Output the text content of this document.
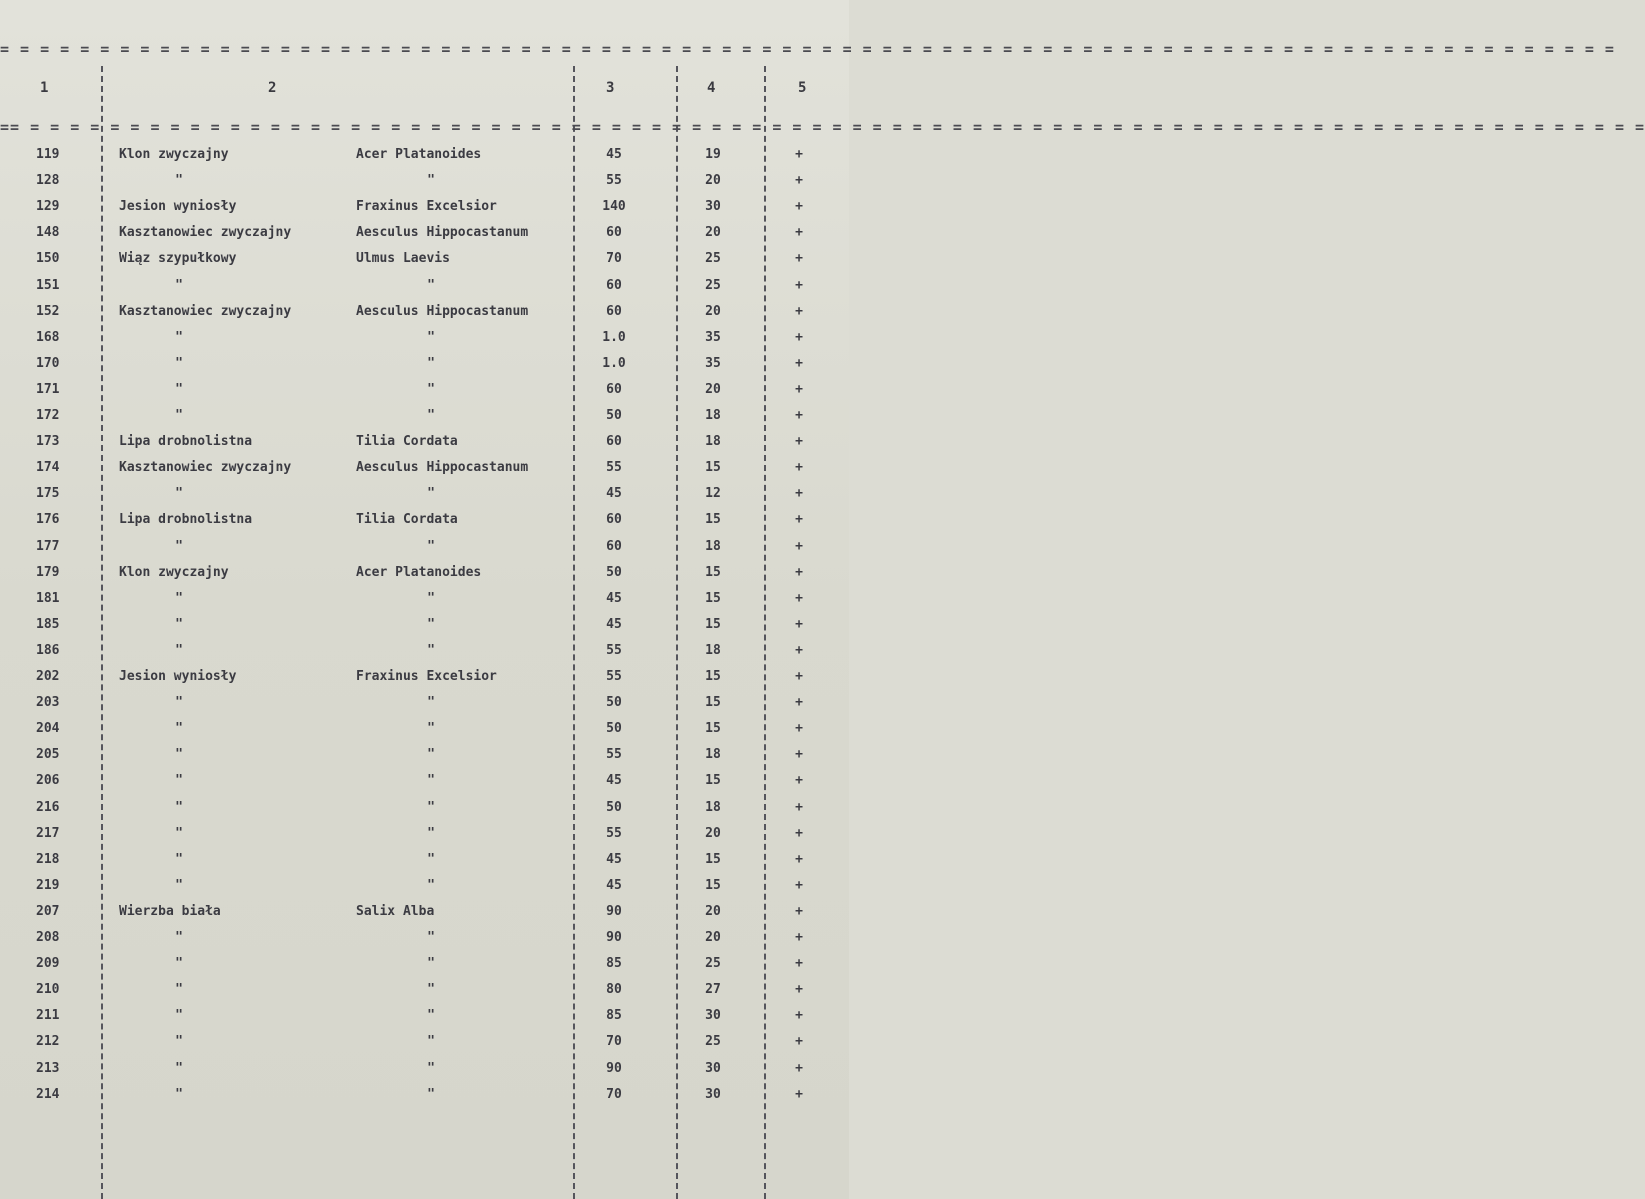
= = = = = = = = = = = = = = = = = = = = = = = = = = = = = = = = = = = = = = = = = = = = = = = = = = = = = = = = = = = = = = = = = = = = = = = = = = = = = = = = =
1	2	3	4	5
== = = = = = = = = = = = = = = = = = = = = = = = = = = = = = = = = = = = = = = = = = = = = = = = = = = = = = = = = = = = = = = = = = = = = = = = = = = = = = = = = =
119	Klon zwyczajny	Acer Platanoides	45	19	+
128	"	"	55	20	+
129	Jesion wyniosły	Fraxinus Excelsior	140	30	+
148	Kasztanowiec zwyczajny	Aesculus Hippocastanum	60	20	+
150	Wiąz szypułkowy	Ulmus Laevis	70	25	+
151	"	"	60	25	+
152	Kasztanowiec zwyczajny	Aesculus Hippocastanum	60	20	+
168	"	"	1.0	35	+
170	"	"	1.0	35	+
171	"	"	60	20	+
172	"	"	50	18	+
173	Lipa drobnolistna	Tilia Cordata	60	18	+
174	Kasztanowiec zwyczajny	Aesculus Hippocastanum	55	15	+
175	"	"	45	12	+
176	Lipa drobnolistna	Tilia Cordata	60	15	+
177	"	"	60	18	+
179	Klon zwyczajny	Acer Platanoides	50	15	+
181	"	"	45	15	+
185	"	"	45	15	+
186	"	"	55	18	+
202	Jesion wyniosły	Fraxinus Excelsior	55	15	+
203	"	"	50	15	+
204	"	"	50	15	+
205	"	"	55	18	+
206	"	"	45	15	+
216	"	"	50	18	+
217	"	"	55	20	+
218	"	"	45	15	+
219	"	"	45	15	+
207	Wierzba biała	Salix Alba	90	20	+
208	"	"	90	20	+
209	"	"	85	25	+
210	"	"	80	27	+
211	"	"	85	30	+
212	"	"	70	25	+
213	"	"	90	30	+
214	"	"	70	30	+
